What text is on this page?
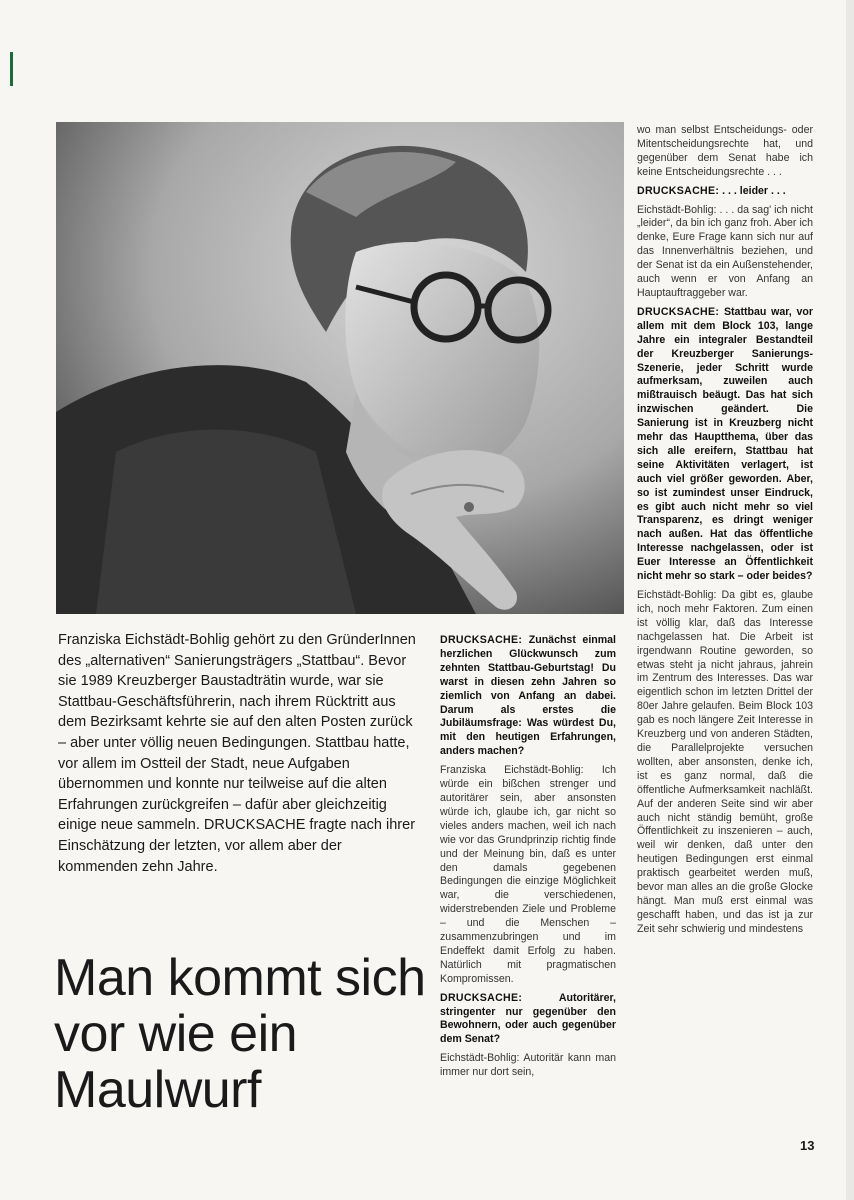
Franziska Eichstädt-Bohlig gehört zu den GründerInnen des „alternativen“ Sanierungsträgers „Stattbau“. Bevor sie 1989 Kreuzberger Baustadträtin wurde, war sie Stattbau-Geschäftsführerin, nach ihrem Rücktritt aus dem Bezirksamt kehrte sie auf den alten Posten zurück – aber unter völlig neuen Bedingungen. Stattbau hatte, vor allem im Ostteil der Stadt, neue Aufgaben übernommen und konnte nur teilweise auf die alten Erfahrungen zurückgreifen – dafür aber gleichzeitig einige neue sammeln. DRUCKSACHE fragte nach ihrer Einschätzung der letzten, vor allem aber der kommenden zehn Jahre.

Man kommt sich vor wie ein Maulwurf

DRUCKSACHE: Zunächst einmal herzlichen Glückwunsch zum zehnten Stattbau-Geburtstag! Du warst in diesen zehn Jahren so ziemlich von Anfang an dabei. Darum als erstes die Jubiläumsfrage: Was würdest Du, mit den heutigen Erfahrungen, anders machen?

Franziska Eichstädt-Bohlig: Ich würde ein bißchen strenger und autoritärer sein, aber ansonsten würde ich, glaube ich, gar nicht so vieles anders machen, weil ich nach wie vor das Grundprinzip richtig finde und der Meinung bin, daß es unter den damals gegebenen Bedingungen die einzige Möglichkeit war, die verschiedenen, widerstrebenden Ziele und Probleme – und die Menschen – zusammenzubringen und im Endeffekt damit Erfolg zu haben. Natürlich mit pragmatischen Kompromissen.

DRUCKSACHE:	Autoritärer, stringenter nur gegenüber den Bewohnern, oder auch gegenüber dem Senat?

Eichstädt-Bohlig: Autoritär kann man immer nur dort sein,

wo man selbst Entscheidungs- oder Mitentscheidungsrechte hat, und gegenüber dem Senat habe ich keine Entscheidungsrechte . . .

DRUCKSACHE: . . . leider . . .

Eichstädt-Bohlig: . . . da sag' ich nicht „leider“, da bin ich ganz froh. Aber ich denke, Eure Frage kann sich nur auf das Innenverhältnis beziehen, und der Senat ist da ein Außenstehender, auch wenn er von Anfang an Hauptauftraggeber war.

DRUCKSACHE: Stattbau war, vor allem mit dem Block 103, lange Jahre ein integraler Bestandteil der Kreuzberger Sanierungs-Szenerie, jeder Schritt wurde aufmerksam, zuweilen auch mißtrauisch beäugt. Das hat sich inzwischen geändert. Die Sanierung ist in Kreuzberg nicht mehr das Hauptthema, über das sich alle ereifern, Stattbau hat seine Aktivitäten verlagert, ist auch viel größer geworden. Aber, so ist zumindest unser Eindruck, es gibt auch nicht mehr so viel Transparenz, es dringt weniger nach außen. Hat das öffentliche Interesse nachgelassen, oder ist Euer Interesse an Öffentlichkeit nicht mehr so stark – oder beides?

Eichstädt-Bohlig: Da gibt es, glaube ich, noch mehr Faktoren. Zum einen ist völlig klar, daß das Interesse nachgelassen hat. Die Arbeit ist irgendwann Routine geworden, so etwas steht ja nicht jahraus, jahrein im Zentrum des Interesses. Das war eigentlich schon im letzten Drittel der 80er Jahre gelaufen. Beim Block 103 gab es noch längere Zeit Interesse in Kreuzberg und von anderen Städten, die Parallelprojekte versuchen wollten, aber ansonsten, denke ich, ist es ganz normal, daß die öffentliche Aufmerksamkeit nachläßt. Auf der anderen Seite sind wir aber auch nicht ständig bemüht, große Öffentlichkeit zu inszenieren – auch, weil wir denken, daß unter den heutigen Bedingungen erst einmal praktisch gearbeitet werden muß, bevor man alles an die große Glocke hängt. Man muß erst einmal was geschafft haben, und das ist ja zur Zeit sehr schwierig und mindestens

13
